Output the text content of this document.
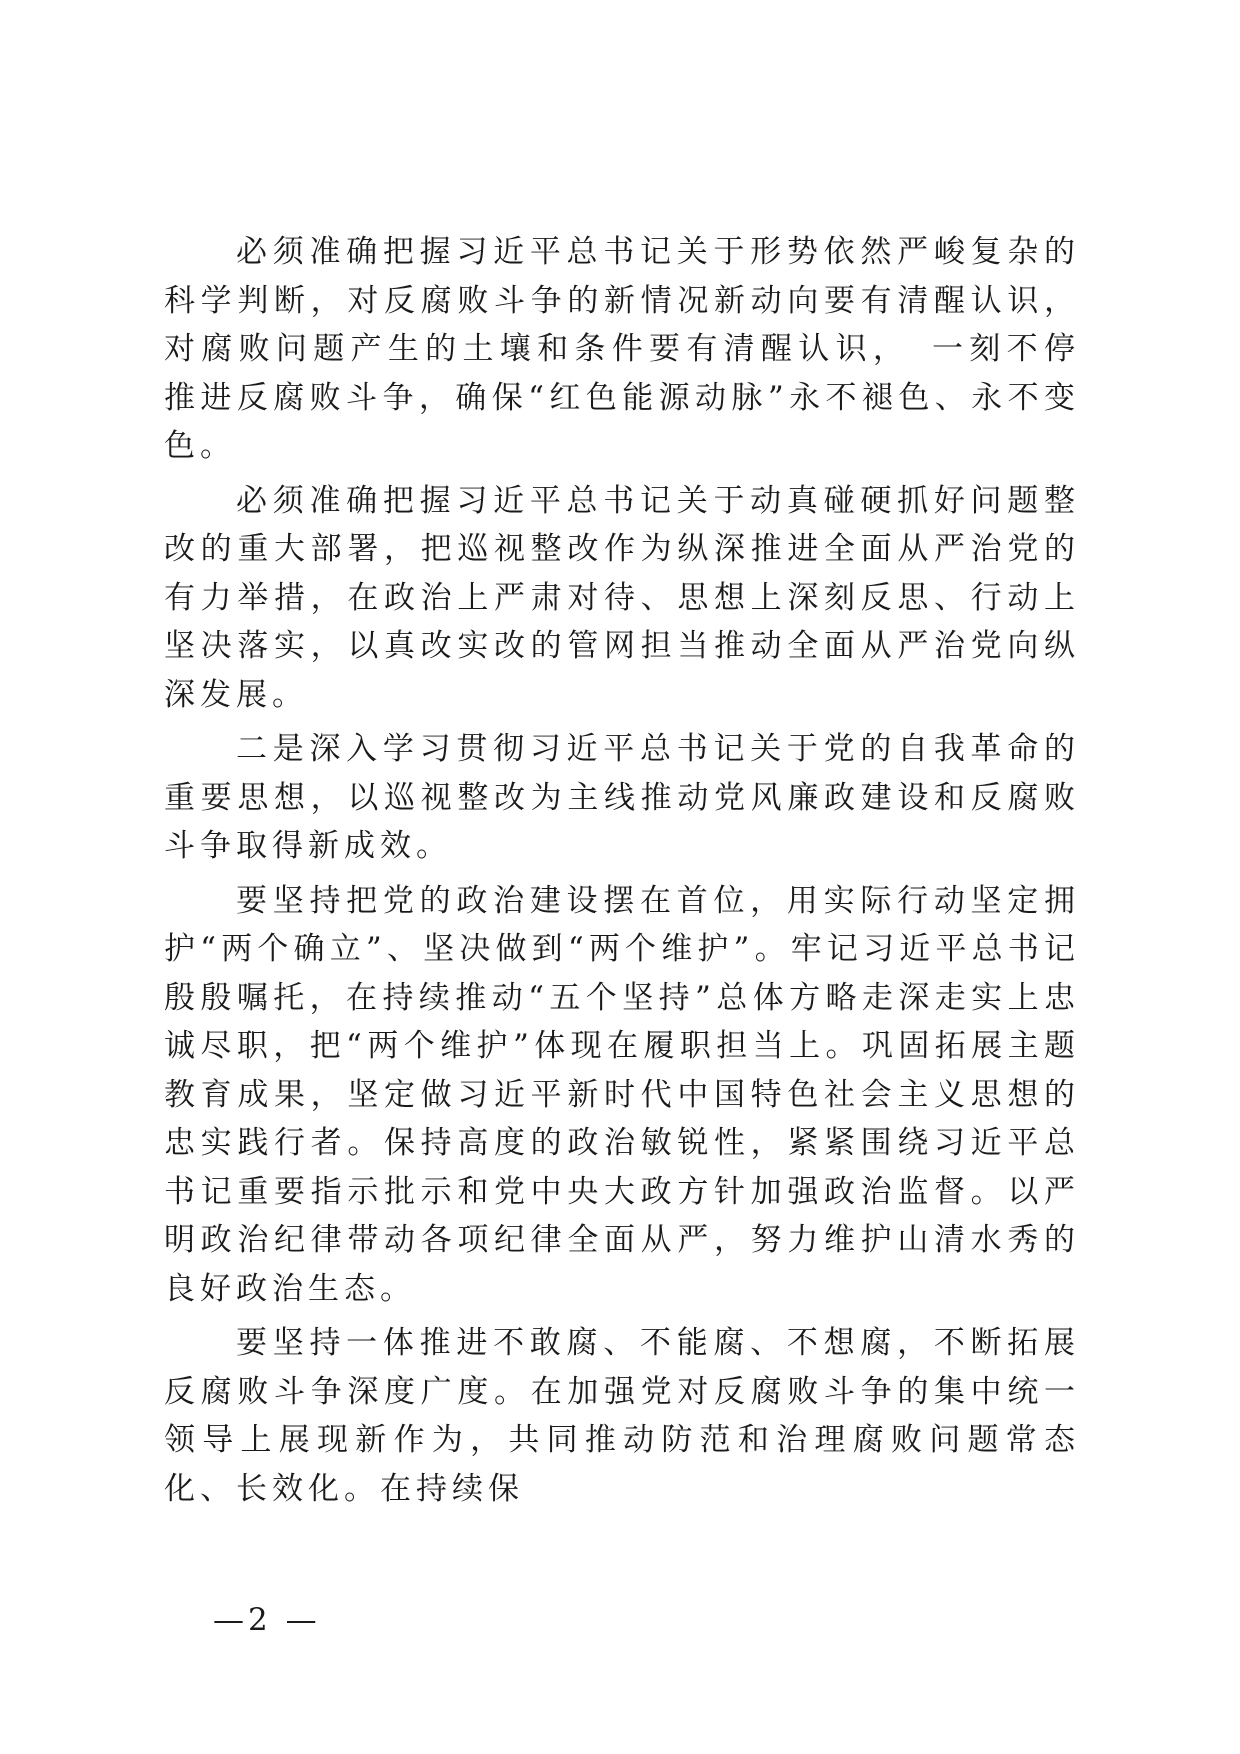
必须准确把握习近平总书记关于形势依然严峻复杂的科学判断，对反腐败斗争的新情况新动向要有清醒认识，对腐败问题产生的土壤和条件要有清醒认识，　一刻不停推进反腐败斗争，确保“红色能源动脉”永不褪色、永不变色。

必须准确把握习近平总书记关于动真碰硬抓好问题整改的重大部署，把巡视整改作为纵深推进全面从严治党的有力举措，在政治上严肃对待、思想上深刻反思、行动上坚决落实，以真改实改的管网担当推动全面从严治党向纵深发展。

二是深入学习贯彻习近平总书记关于党的自我革命的重要思想，以巡视整改为主线推动党风廉政建设和反腐败斗争取得新成效。

要坚持把党的政治建设摆在首位，用实际行动坚定拥护“两个确立”、坚决做到“两个维护”。牢记习近平总书记殷殷嘱托，在持续推动“五个坚持”总体方略走深走实上忠诚尽职，把“两个维护”体现在履职担当上。巩固拓展主题教育成果，坚定做习近平新时代中国特色社会主义思想的忠实践行者。保持高度的政治敏锐性，紧紧围绕习近平总书记重要指示批示和党中央大政方针加强政治监督。以严明政治纪律带动各项纪律全面从严，努力维护山清水秀的良好政治生态。

要坚持一体推进不敢腐、不能腐、不想腐，不断拓展反腐败斗争深度广度。在加强党对反腐败斗争的集中统一领导上展现新作为，共同推动防范和治理腐败问题常态化、长效化。在持续保

—2 —
